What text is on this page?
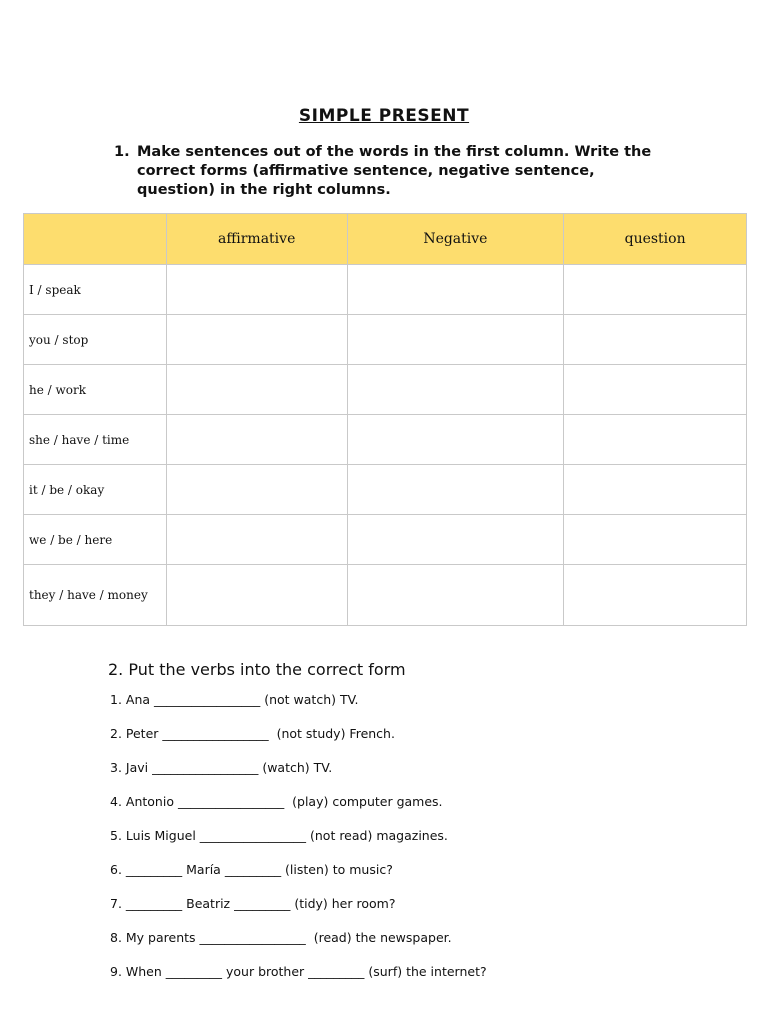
SIMPLE PRESENT
1. Make sentences out of the words in the first column. Write the correct forms (affirmative sentence, negative sentence, question) in the right columns.
	affirmative	Negative	question
I / speak			
you / stop			
he / work			
she / have / time			
it / be / okay			
we / be / here			
they / have / money			
2. Put the verbs into the correct form
1. Ana _________________ (not watch) TV.
2. Peter _________________  (not study) French.
3. Javi _________________ (watch) TV.
4. Antonio _________________  (play) computer games.
5. Luis Miguel _________________ (not read) magazines.
6. _________ María _________ (listen) to music?
7. _________ Beatriz _________ (tidy) her room?
8. My parents _________________  (read) the newspaper.
9. When _________ your brother _________ (surf) the internet?
